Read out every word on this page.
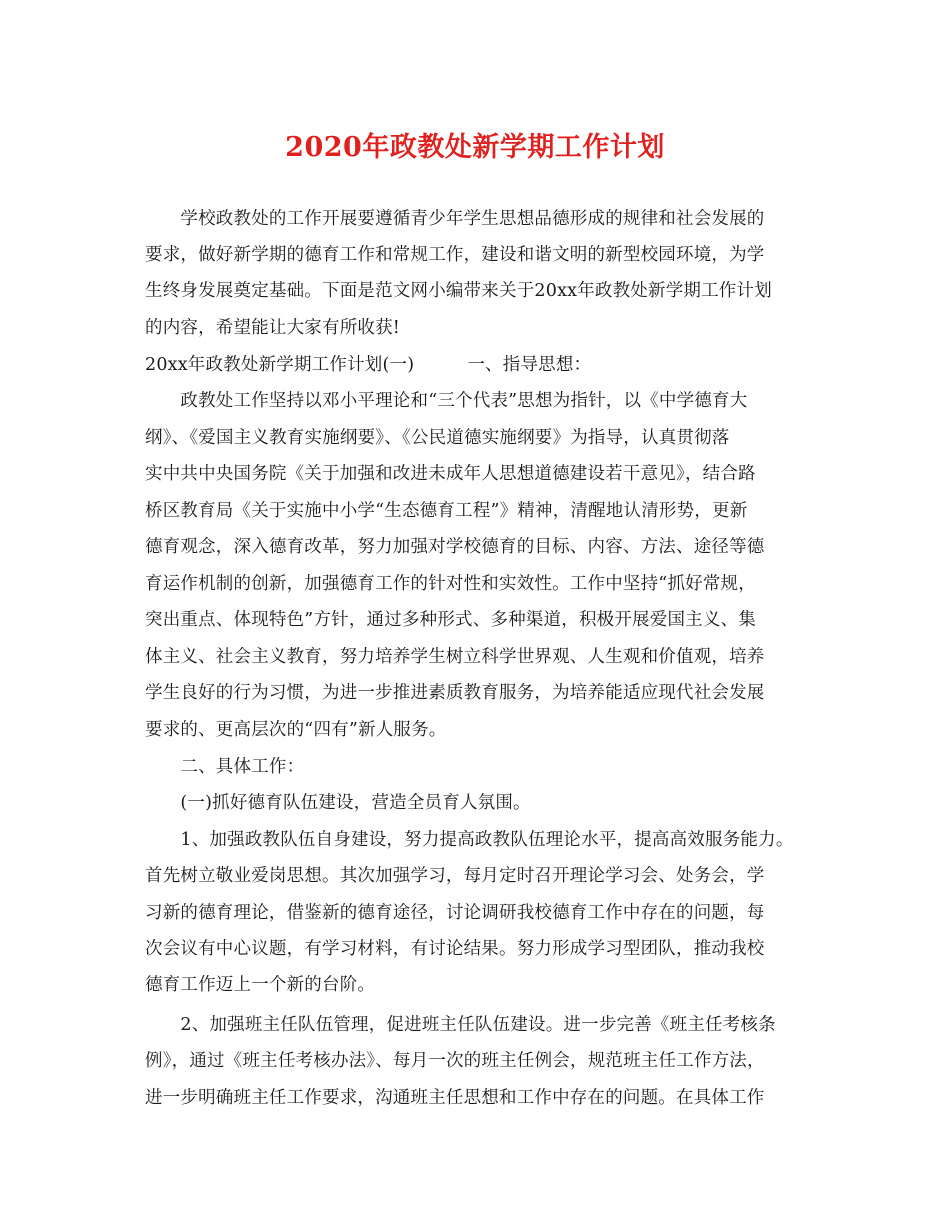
2020年政教处新学期工作计划
　　学校政教处的工作开展要遵循青少年学生思想品德形成的规律和社会发展的
要求，做好新学期的德育工作和常规工作，建设和谐文明的新型校园环境，为学
生终身发展奠定基础。下面是范文网小编带来关于20xx年政教处新学期工作计划
的内容，希望能让大家有所收获!
20xx年政教处新学期工作计划(一)　　　一、指导思想：
　　政教处工作坚持以邓小平理论和“三个代表”思想为指针，以《中学德育大
纲》、《爱国主义教育实施纲要》、《公民道德实施纲要》为指导，认真贯彻落
实中共中央国务院《关于加强和改进未成年人思想道德建设若干意见》，结合路
桥区教育局《关于实施中小学“生态德育工程”》精神，清醒地认清形势，更新
德育观念，深入德育改革，努力加强对学校德育的目标、内容、方法、途径等德
育运作机制的创新，加强德育工作的针对性和实效性。工作中坚持“抓好常规，
突出重点、体现特色”方针，通过多种形式、多种渠道，积极开展爱国主义、集
体主义、社会主义教育，努力培养学生树立科学世界观、人生观和价值观，培养
学生良好的行为习惯，为进一步推进素质教育服务，为培养能适应现代社会发展
要求的、更高层次的“四有”新人服务。
　　二、具体工作：
　　(一)抓好德育队伍建设，营造全员育人氛围。
　　1、加强政教队伍自身建设，努力提高政教队伍理论水平，提高高效服务能力。
首先树立敬业爱岗思想。其次加强学习，每月定时召开理论学习会、处务会，学
习新的德育理论，借鉴新的德育途径，讨论调研我校德育工作中存在的问题，每
次会议有中心议题，有学习材料，有讨论结果。努力形成学习型团队，推动我校
德育工作迈上一个新的台阶。
　　2、加强班主任队伍管理，促进班主任队伍建设。进一步完善《班主任考核条
例》，通过《班主任考核办法》、每月一次的班主任例会，规范班主任工作方法，
进一步明确班主任工作要求，沟通班主任思想和工作中存在的问题。在具体工作
